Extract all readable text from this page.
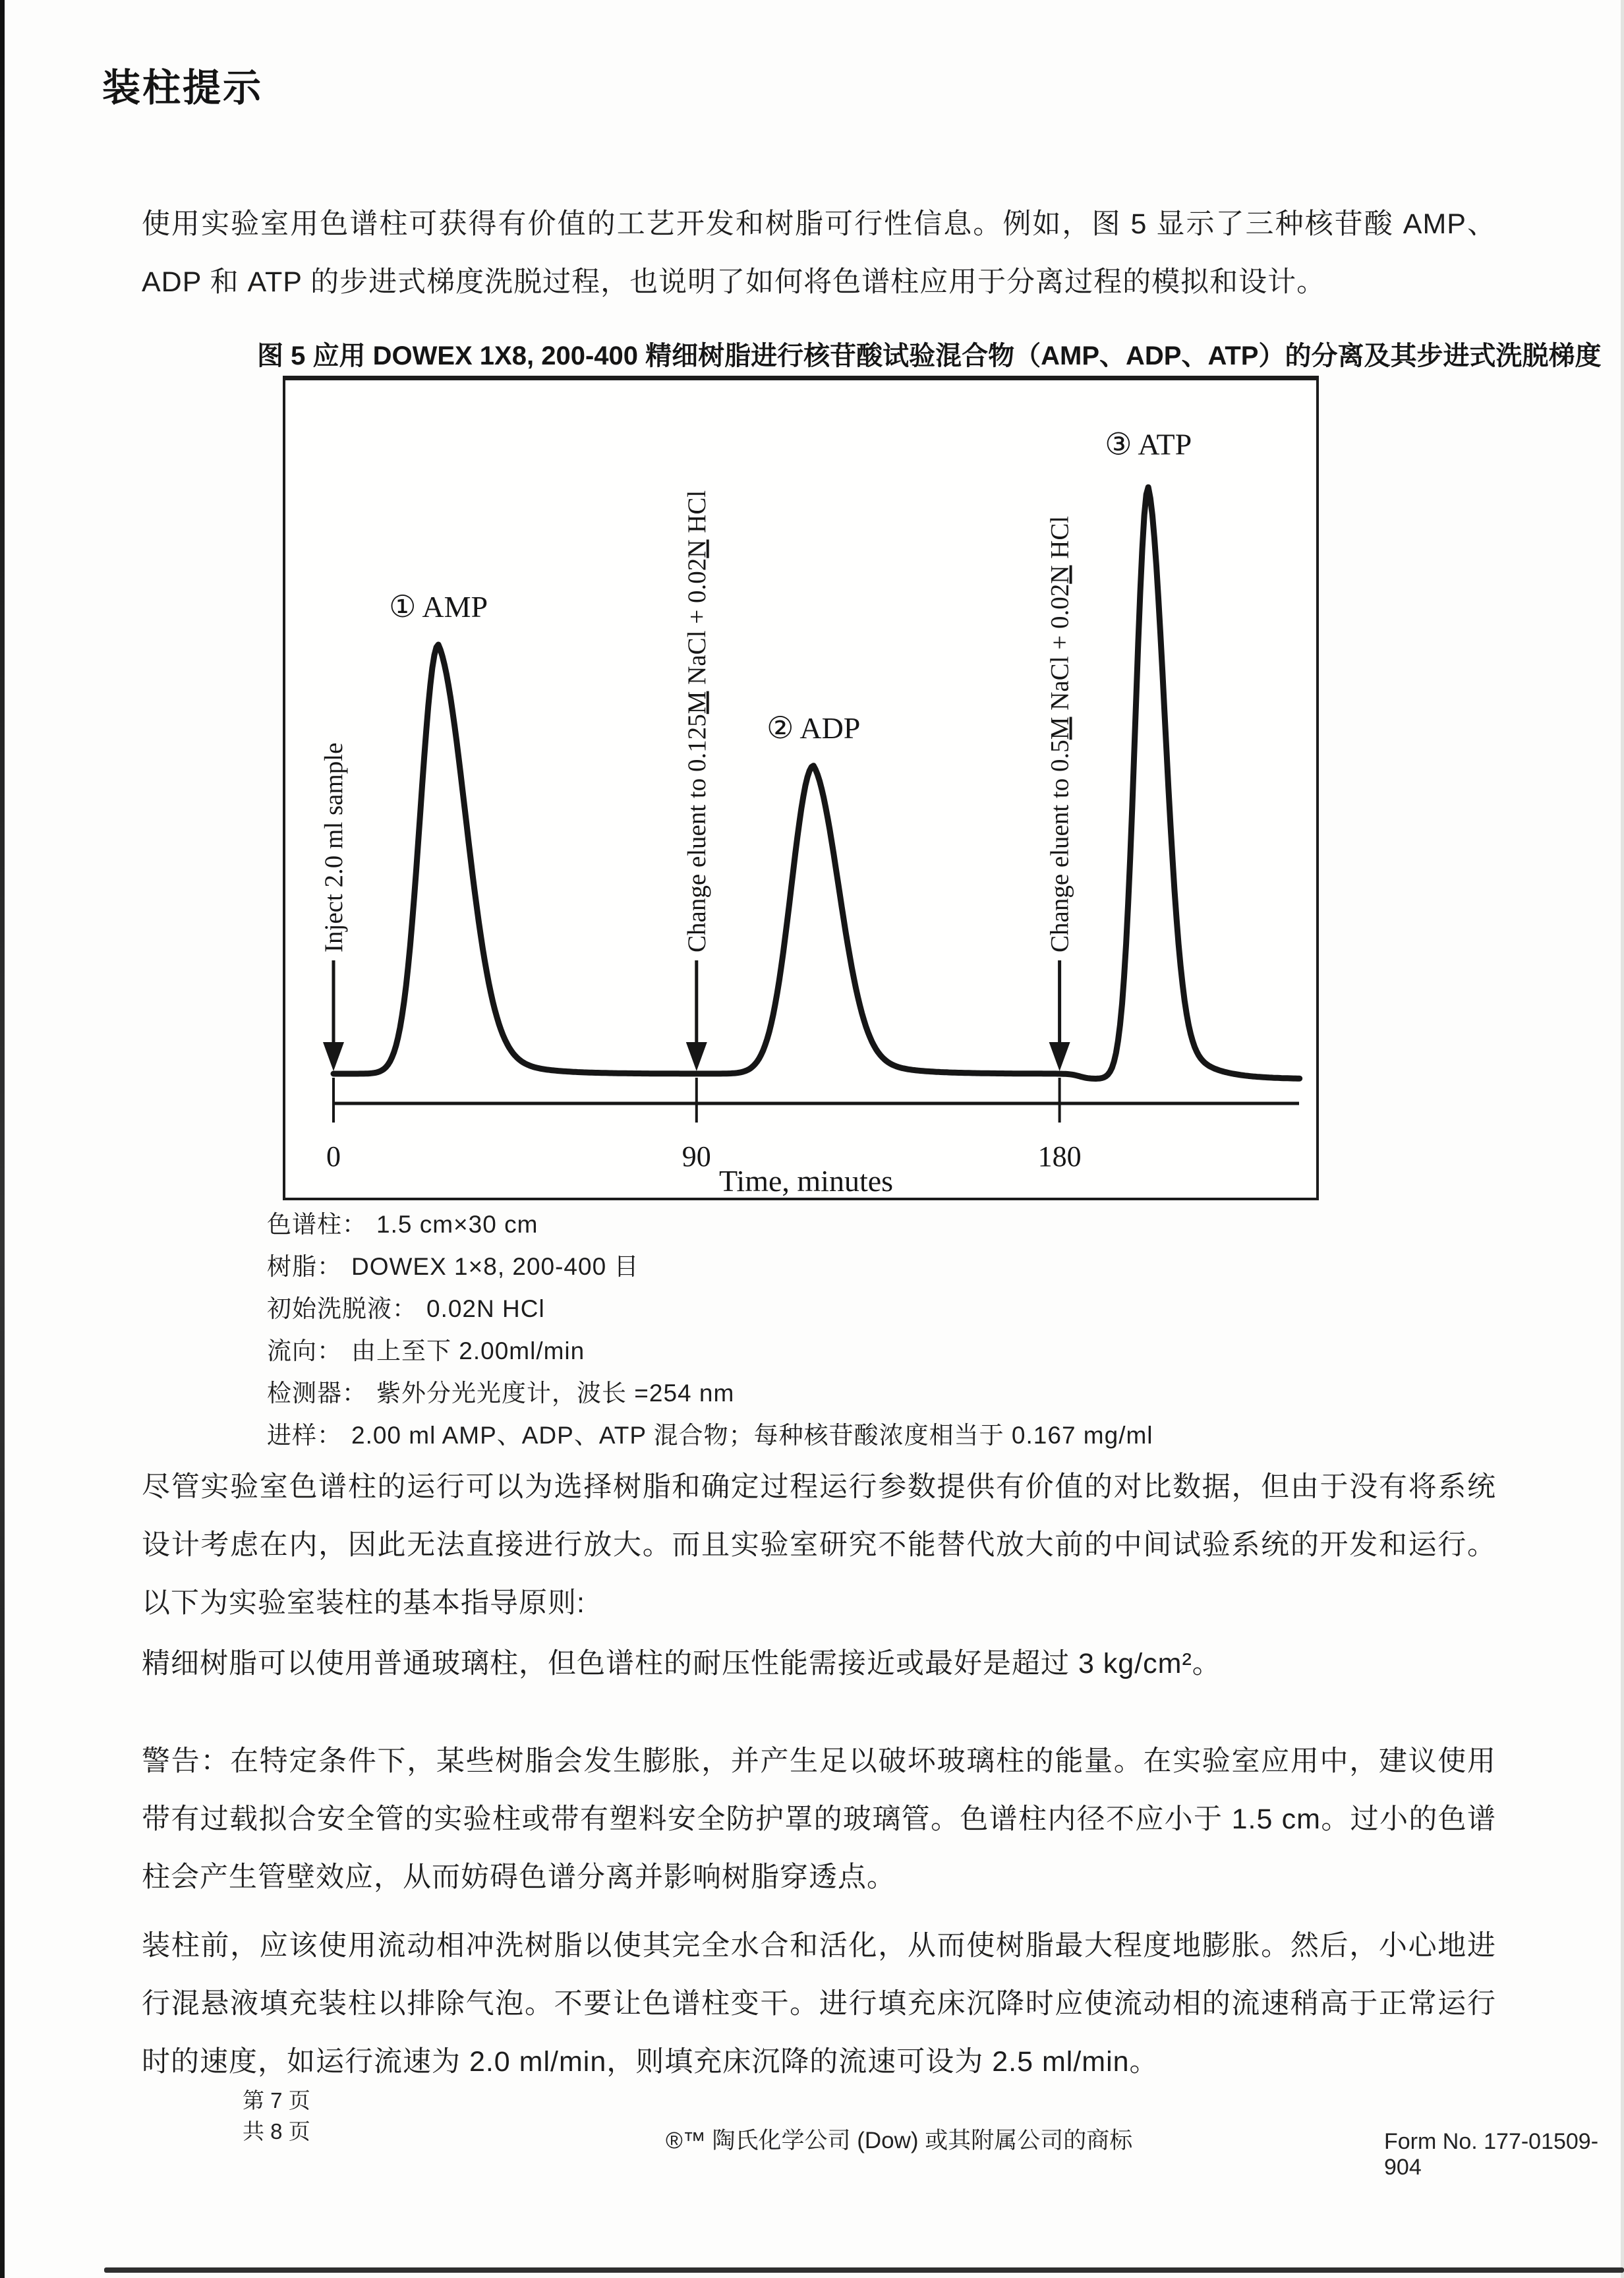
装柱提示

使用实验室用色谱柱可获得有价值的工艺开发和树脂可行性信息。例如，图 5 显示了三种核苷酸 AMP、ADP 和 ATP 的步进式梯度洗脱过程，也说明了如何将色谱柱应用于分离过程的模拟和设计。

图 5 应用 DOWEX 1X8, 200-400 精细树脂进行核苷酸试验混合物（AMP、ADP、ATP）的分离及其步进式洗脱梯度
0	90	180
Time, minutes
Inject 2.0 ml sample	Change eluent to 0.125M NaCl + 0.02N HCl
Change eluent to 0.5M NaCl + 0.02N HCl
① AMP
② ADP
③ ATP
色谱柱： 1.5 cm×30 cm
树脂： DOWEX 1×8, 200-400 目
初始洗脱液： 0.02N HCl
流向： 由上至下 2.00ml/min
检测器： 紫外分光光度计，波长 =254 nm
进样： 2.00 ml AMP、ADP、ATP 混合物；每种核苷酸浓度相当于 0.167 mg/ml

尽管实验室色谱柱的运行可以为选择树脂和确定过程运行参数提供有价值的对比数据，但由于没有将系统设计考虑在内，因此无法直接进行放大。而且实验室研究不能替代放大前的中间试验系统的开发和运行。以下为实验室装柱的基本指导原则:

精细树脂可以使用普通玻璃柱，但色谱柱的耐压性能需接近或最好是超过 3 kg/cm²。

警告：在特定条件下，某些树脂会发生膨胀，并产生足以破坏玻璃柱的能量。在实验室应用中，建议使用带有过载拟合安全管的实验柱或带有塑料安全防护罩的玻璃管。色谱柱内径不应小于 1.5 cm。过小的色谱柱会产生管壁效应，从而妨碍色谱分离并影响树脂穿透点。

装柱前，应该使用流动相冲洗树脂以使其完全水合和活化，从而使树脂最大程度地膨胀。然后，小心地进行混悬液填充装柱以排除气泡。不要让色谱柱变干。进行填充床沉降时应使流动相的流速稍高于正常运行时的速度，如运行流速为 2.0 ml/min，则填充床沉降的流速可设为 2.5 ml/min。

第 7 页
共 8 页	®™ 陶氏化学公司 (Dow) 或其附属公司的商标	Form No. 177-01509-904
